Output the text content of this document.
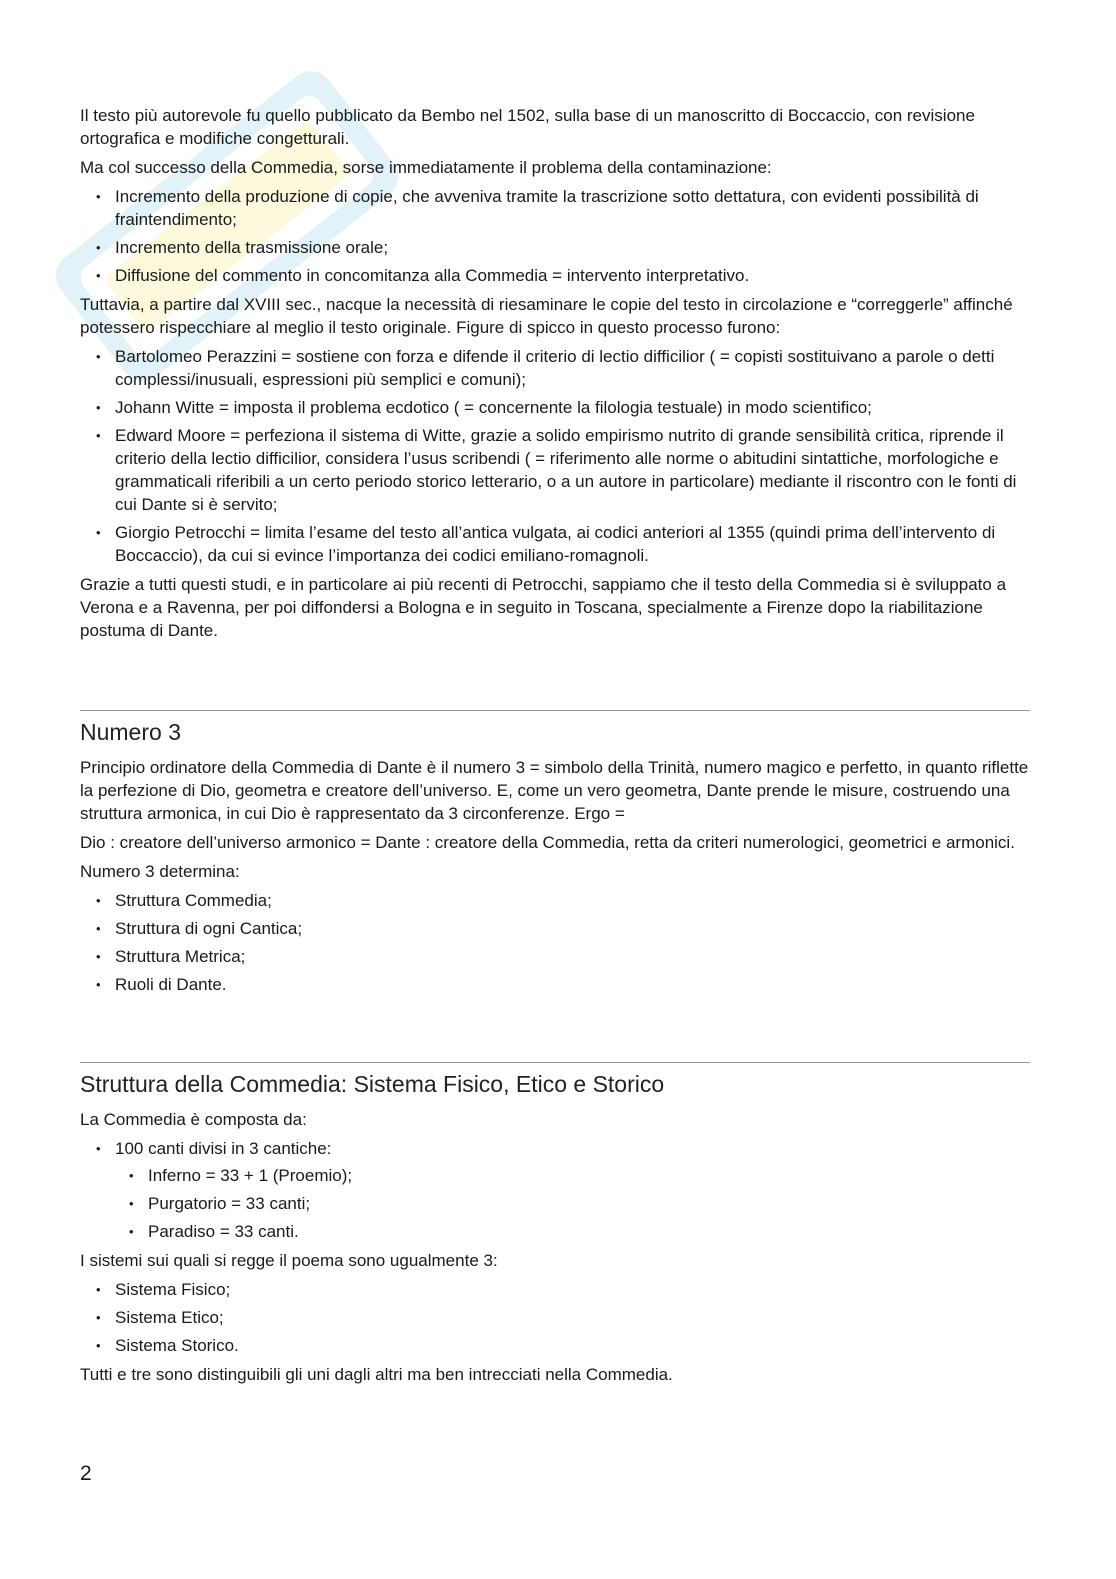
Il testo più autorevole fu quello pubblicato da Bembo nel 1502, sulla base di un manoscritto di Boccaccio, con revisione ortografica e modifiche congetturali.

Ma col successo della Commedia, sorse immediatamente il problema della contaminazione:

• Incremento della produzione di copie, che avveniva tramite la trascrizione sotto dettatura, con evidenti possibilità di fraintendimento;
• Incremento della trasmissione orale;
• Diffusione del commento in concomitanza alla Commedia = intervento interpretativo.

Tuttavia, a partire dal XVIII sec., nacque la necessità di riesaminare le copie del testo in circolazione e “correggerle” affinché potessero rispecchiare al meglio il testo originale. Figure di spicco in questo processo furono:

• Bartolomeo Perazzini = sostiene con forza e difende il criterio di lectio difficilior ( = copisti sostituivano a parole o detti complessi/inusuali, espressioni più semplici e comuni);
• Johann Witte = imposta il problema ecdotico ( = concernente la filologia testuale) in modo scientifico;
• Edward Moore = perfeziona il sistema di Witte, grazie a solido empirismo nutrito di grande sensibilità critica, riprende il criterio della lectio difficilior, considera l’usus scribendi ( = riferimento alle norme o abitudini sintattiche, morfologiche e grammaticali riferibili a un certo periodo storico letterario, o a un autore in particolare) mediante il riscontro con le fonti di cui Dante si è servito;
• Giorgio Petrocchi = limita l’esame del testo all’antica vulgata, ai codici anteriori al 1355 (quindi prima dell’intervento di Boccaccio), da cui si evince l’importanza dei codici emiliano-romagnoli.

Grazie a tutti questi studi, e in particolare ai più recenti di Petrocchi, sappiamo che il testo della Commedia si è sviluppato a Verona e a Ravenna, per poi diffondersi a Bologna e in seguito in Toscana, specialmente a Firenze dopo la riabilitazione postuma di Dante.

Numero 3

Principio ordinatore della Commedia di Dante è il numero 3 = simbolo della Trinità, numero magico e perfetto, in quanto riflette la perfezione di Dio, geometra e creatore dell’universo. E, come un vero geometra, Dante prende le misure, costruendo una struttura armonica, in cui Dio è rappresentato da 3 circonferenze. Ergo =

Dio : creatore dell’universo armonico = Dante : creatore della Commedia, retta da criteri numerologici, geometrici e armonici.

Numero 3 determina:

• Struttura Commedia;
• Struttura di ogni Cantica;
• Struttura Metrica;
• Ruoli di Dante.
Struttura della Commedia: Sistema Fisico, Etico e Storico

La Commedia è composta da:

• 100 canti divisi in 3 cantiche:
• Inferno = 33 + 1 (Proemio);
• Purgatorio = 33 canti;
• Paradiso = 33 canti.

I sistemi sui quali si regge il poema sono ugualmente 3:

• Sistema Fisico;
• Sistema Etico;
• Sistema Storico.

Tutti e tre sono distinguibili gli uni dagli altri ma ben intrecciati nella Commedia.

2
